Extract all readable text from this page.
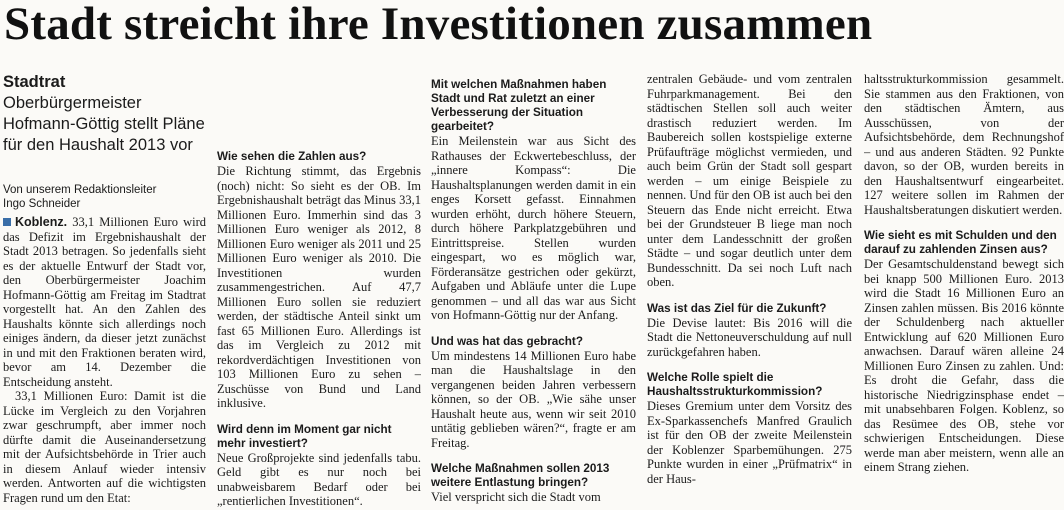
Stadt streicht ihre Investitionen zusammen

Stadtrat Oberbürgermeister Hofmann-Göttig stellt Pläne für den Haushalt 2013 vor

Von unserem Redaktionsleiter
Ingo Schneider

Koblenz. 33,1 Millionen Euro wird das Defizit im Ergebnishaushalt der Stadt 2013 betragen. So jedenfalls sieht es der aktuelle Entwurf der Stadt vor, den Oberbürgermeister Joachim Hofmann-Göttig am Freitag im Stadtrat vorgestellt hat. An den Zahlen des Haushalts könnte sich allerdings noch einiges ändern, da dieser jetzt zunächst in und mit den Fraktionen beraten wird, bevor am 14. Dezember die Entscheidung ansteht.

33,1 Millionen Euro: Damit ist die Lücke im Vergleich zu den Vorjahren zwar geschrumpft, aber immer noch dürfte damit die Auseinandersetzung mit der Aufsichtsbehörde in Trier auch in diesem Anlauf wieder intensiv werden. Antworten auf die wichtigsten Fragen rund um den Etat:

Wie sehen die Zahlen aus?

Die Richtung stimmt, das Ergebnis (noch) nicht: So sieht es der OB. Im Ergebnishaushalt beträgt das Minus 33,1 Millionen Euro. Immerhin sind das 3 Millionen Euro weniger als 2012, 8 Millionen Euro weniger als 2011 und 25 Millionen Euro weniger als 2010. Die Investitionen wurden zusammengestrichen. Auf 47,7 Millionen Euro sollen sie reduziert werden, der städtische Anteil sinkt um fast 65 Millionen Euro. Allerdings ist das im Vergleich zu 2012 mit rekordverdächtigen Investitionen von 103 Millionen Euro zu sehen – Zuschüsse von Bund und Land inklusive.

Wird denn im Moment gar nicht mehr investiert?

Neue Großprojekte sind jedenfalls tabu. Geld gibt es nur noch bei unabweisbarem Bedarf oder bei „rentierlichen Investitionen“.

Mit welchen Maßnahmen haben Stadt und Rat zuletzt an einer Verbesserung der Situation gearbeitet?

Ein Meilenstein war aus Sicht des Rathauses der Eckwertebeschluss, der „innere Kompass“: Die Haushaltsplanungen werden damit in ein enges Korsett gefasst. Einnahmen wurden erhöht, durch höhere Steuern, durch höhere Parkplatzgebühren und Eintrittspreise. Stellen wurden eingespart, wo es möglich war, Förderansätze gestrichen oder gekürzt, Aufgaben und Abläufe unter die Lupe genommen – und all das war aus Sicht von Hofmann-Göttig nur der Anfang.

Und was hat das gebracht?

Um mindestens 14 Millionen Euro habe man die Haushaltslage in den vergangenen beiden Jahren verbessern können, so der OB. „Wie sähe unser Haushalt heute aus, wenn wir seit 2010 untätig geblieben wären?“, fragte er am Freitag.

Welche Maßnahmen sollen 2013 weitere Entlastung bringen?

Viel verspricht sich die Stadt vom

zentralen Gebäude- und vom zentralen Fuhrparkmanagement. Bei den städtischen Stellen soll auch weiter drastisch reduziert werden. Im Baubereich sollen kostspielige externe Prüfaufträge möglichst vermieden, und auch beim Grün der Stadt soll gespart werden – um einige Beispiele zu nennen. Und für den OB ist auch bei den Steuern das Ende nicht erreicht. Etwa bei der Grundsteuer B liege man noch unter dem Landesschnitt der großen Städte – und sogar deutlich unter dem Bundesschnitt. Da sei noch Luft nach oben.

Was ist das Ziel für die Zukunft?

Die Devise lautet: Bis 2016 will die Stadt die Nettoneuverschuldung auf null zurückgefahren haben.

Welche Rolle spielt die Haushaltsstrukturkommission?

Dieses Gremium unter dem Vorsitz des Ex-Sparkassenchefs Manfred Graulich ist für den OB der zweite Meilenstein der Koblenzer Sparbemühungen. 275 Punkte wurden in einer „Prüfmatrix“ in der Haus-

haltsstrukturkommission gesammelt. Sie stammen aus den Fraktionen, von den städtischen Ämtern, aus Ausschüssen, von der Aufsichtsbehörde, dem Rechnungshof – und aus anderen Städten. 92 Punkte davon, so der OB, wurden bereits in den Haushaltsentwurf eingearbeitet. 127 weitere sollen im Rahmen der Haushaltsberatungen diskutiert werden.

Wie sieht es mit Schulden und den darauf zu zahlenden Zinsen aus?

Der Gesamtschuldenstand bewegt sich bei knapp 500 Millionen Euro. 2013 wird die Stadt 16 Millionen Euro an Zinsen zahlen müssen. Bis 2016 könnte der Schuldenberg nach aktueller Entwicklung auf 620 Millionen Euro anwachsen. Darauf wären alleine 24 Millionen Euro Zinsen zu zahlen. Und: Es droht die Gefahr, dass die historische Niedrigzinsphase endet – mit unabsehbaren Folgen. Koblenz, so das Resümee des OB, stehe vor schwierigen Entscheidungen. Diese werde man aber meistern, wenn alle an einem Strang ziehen.
